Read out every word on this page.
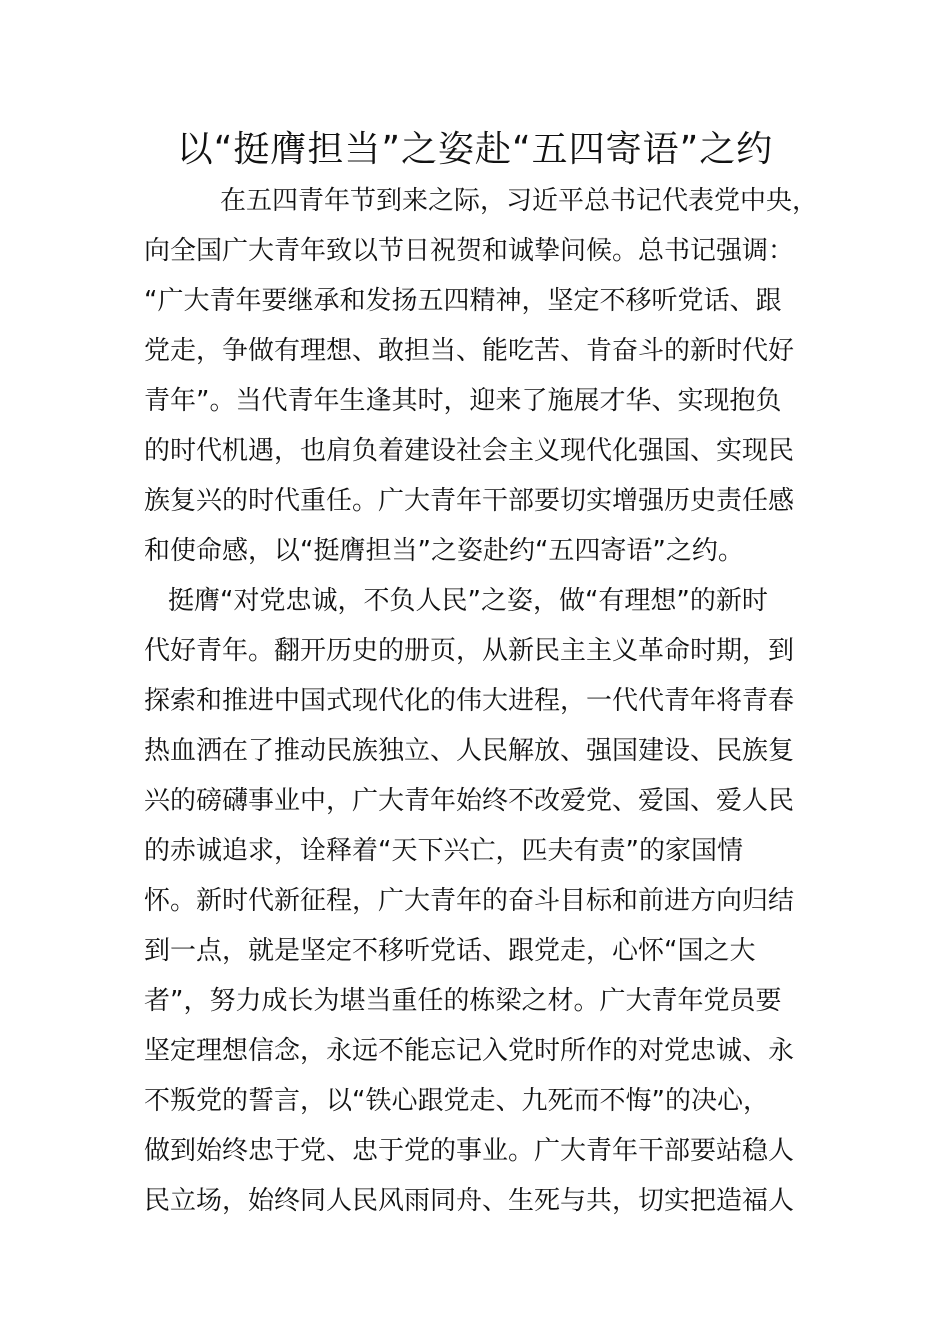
以“挺膺担当”之姿赴“五四寄语”之约
在五四青年节到来之际，习近平总书记代表党中央，
向全国广大青年致以节日祝贺和诚挚问候。总书记强调：
“广大青年要继承和发扬五四精神，坚定不移听党话、跟
党走，争做有理想、敢担当、能吃苦、肯奋斗的新时代好
青年”。当代青年生逢其时，迎来了施展才华、实现抱负
的时代机遇，也肩负着建设社会主义现代化强国、实现民
族复兴的时代重任。广大青年干部要切实增强历史责任感
和使命感，以“挺膺担当”之姿赴约“五四寄语”之约。
挺膺“对党忠诚，不负人民”之姿，做“有理想”的新时
代好青年。翻开历史的册页，从新民主主义革命时期，到
探索和推进中国式现代化的伟大进程，一代代青年将青春
热血洒在了推动民族独立、人民解放、强国建设、民族复
兴的磅礴事业中，广大青年始终不改爱党、爱国、爱人民
的赤诚追求，诠释着“天下兴亡，匹夫有责”的家国情
怀。新时代新征程，广大青年的奋斗目标和前进方向归结
到一点，就是坚定不移听党话、跟党走，心怀“国之大
者”，努力成长为堪当重任的栋梁之材。广大青年党员要
坚定理想信念，永远不能忘记入党时所作的对党忠诚、永
不叛党的誓言，以“铁心跟党走、九死而不悔”的决心，
做到始终忠于党、忠于党的事业。广大青年干部要站稳人
民立场，始终同人民风雨同舟、生死与共，切实把造福人
